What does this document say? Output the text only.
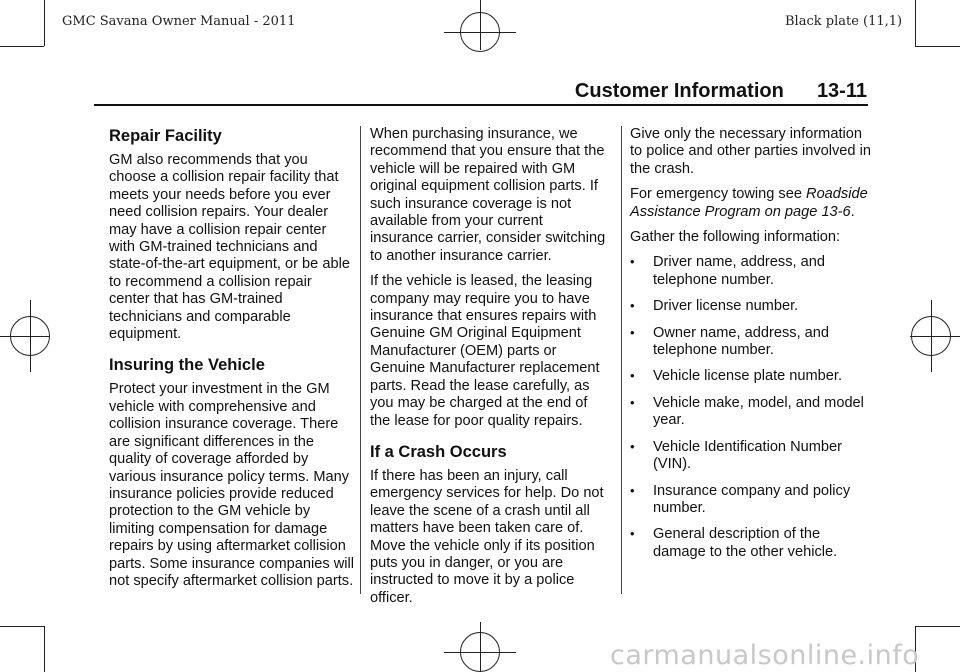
GMC Savana Owner Manual - 2011	Black plate (11,1)
Customer Information 13-11
Repair Facility

GM also recommends that you choose a collision repair facility that meets your needs before you ever need collision repairs. Your dealer may have a collision repair center with GM-trained technicians and state-of-the-art equipment, or be able to recommend a collision repair center that has GM-trained technicians and comparable equipment.

Insuring the Vehicle

Protect your investment in the GM vehicle with comprehensive and collision insurance coverage. There are significant differences in the quality of coverage afforded by various insurance policy terms. Many insurance policies provide reduced protection to the GM vehicle by limiting compensation for damage repairs by using aftermarket collision parts. Some insurance companies will not specify aftermarket collision parts.

When purchasing insurance, we recommend that you ensure that the vehicle will be repaired with GM original equipment collision parts. If such insurance coverage is not available from your current insurance carrier, consider switching to another insurance carrier.

If the vehicle is leased, the leasing company may require you to have insurance that ensures repairs with Genuine GM Original Equipment Manufacturer (OEM) parts or Genuine Manufacturer replacement parts. Read the lease carefully, as you may be charged at the end of the lease for poor quality repairs.

If a Crash Occurs

If there has been an injury, call emergency services for help. Do not leave the scene of a crash until all matters have been taken care of. Move the vehicle only if its position puts you in danger, or you are instructed to move it by a police officer.

Give only the necessary information to police and other parties involved in the crash.

For emergency towing see Roadside Assistance Program on page 13-6.

Gather the following information:

• Driver name, address, and telephone number.
• Driver license number.
• Owner name, address, and telephone number.
• Vehicle license plate number.
• Vehicle make, model, and model year.
• Vehicle Identification Number (VIN).
• Insurance company and policy number.
• General description of the damage to the other vehicle.
carmanualsonline.info
